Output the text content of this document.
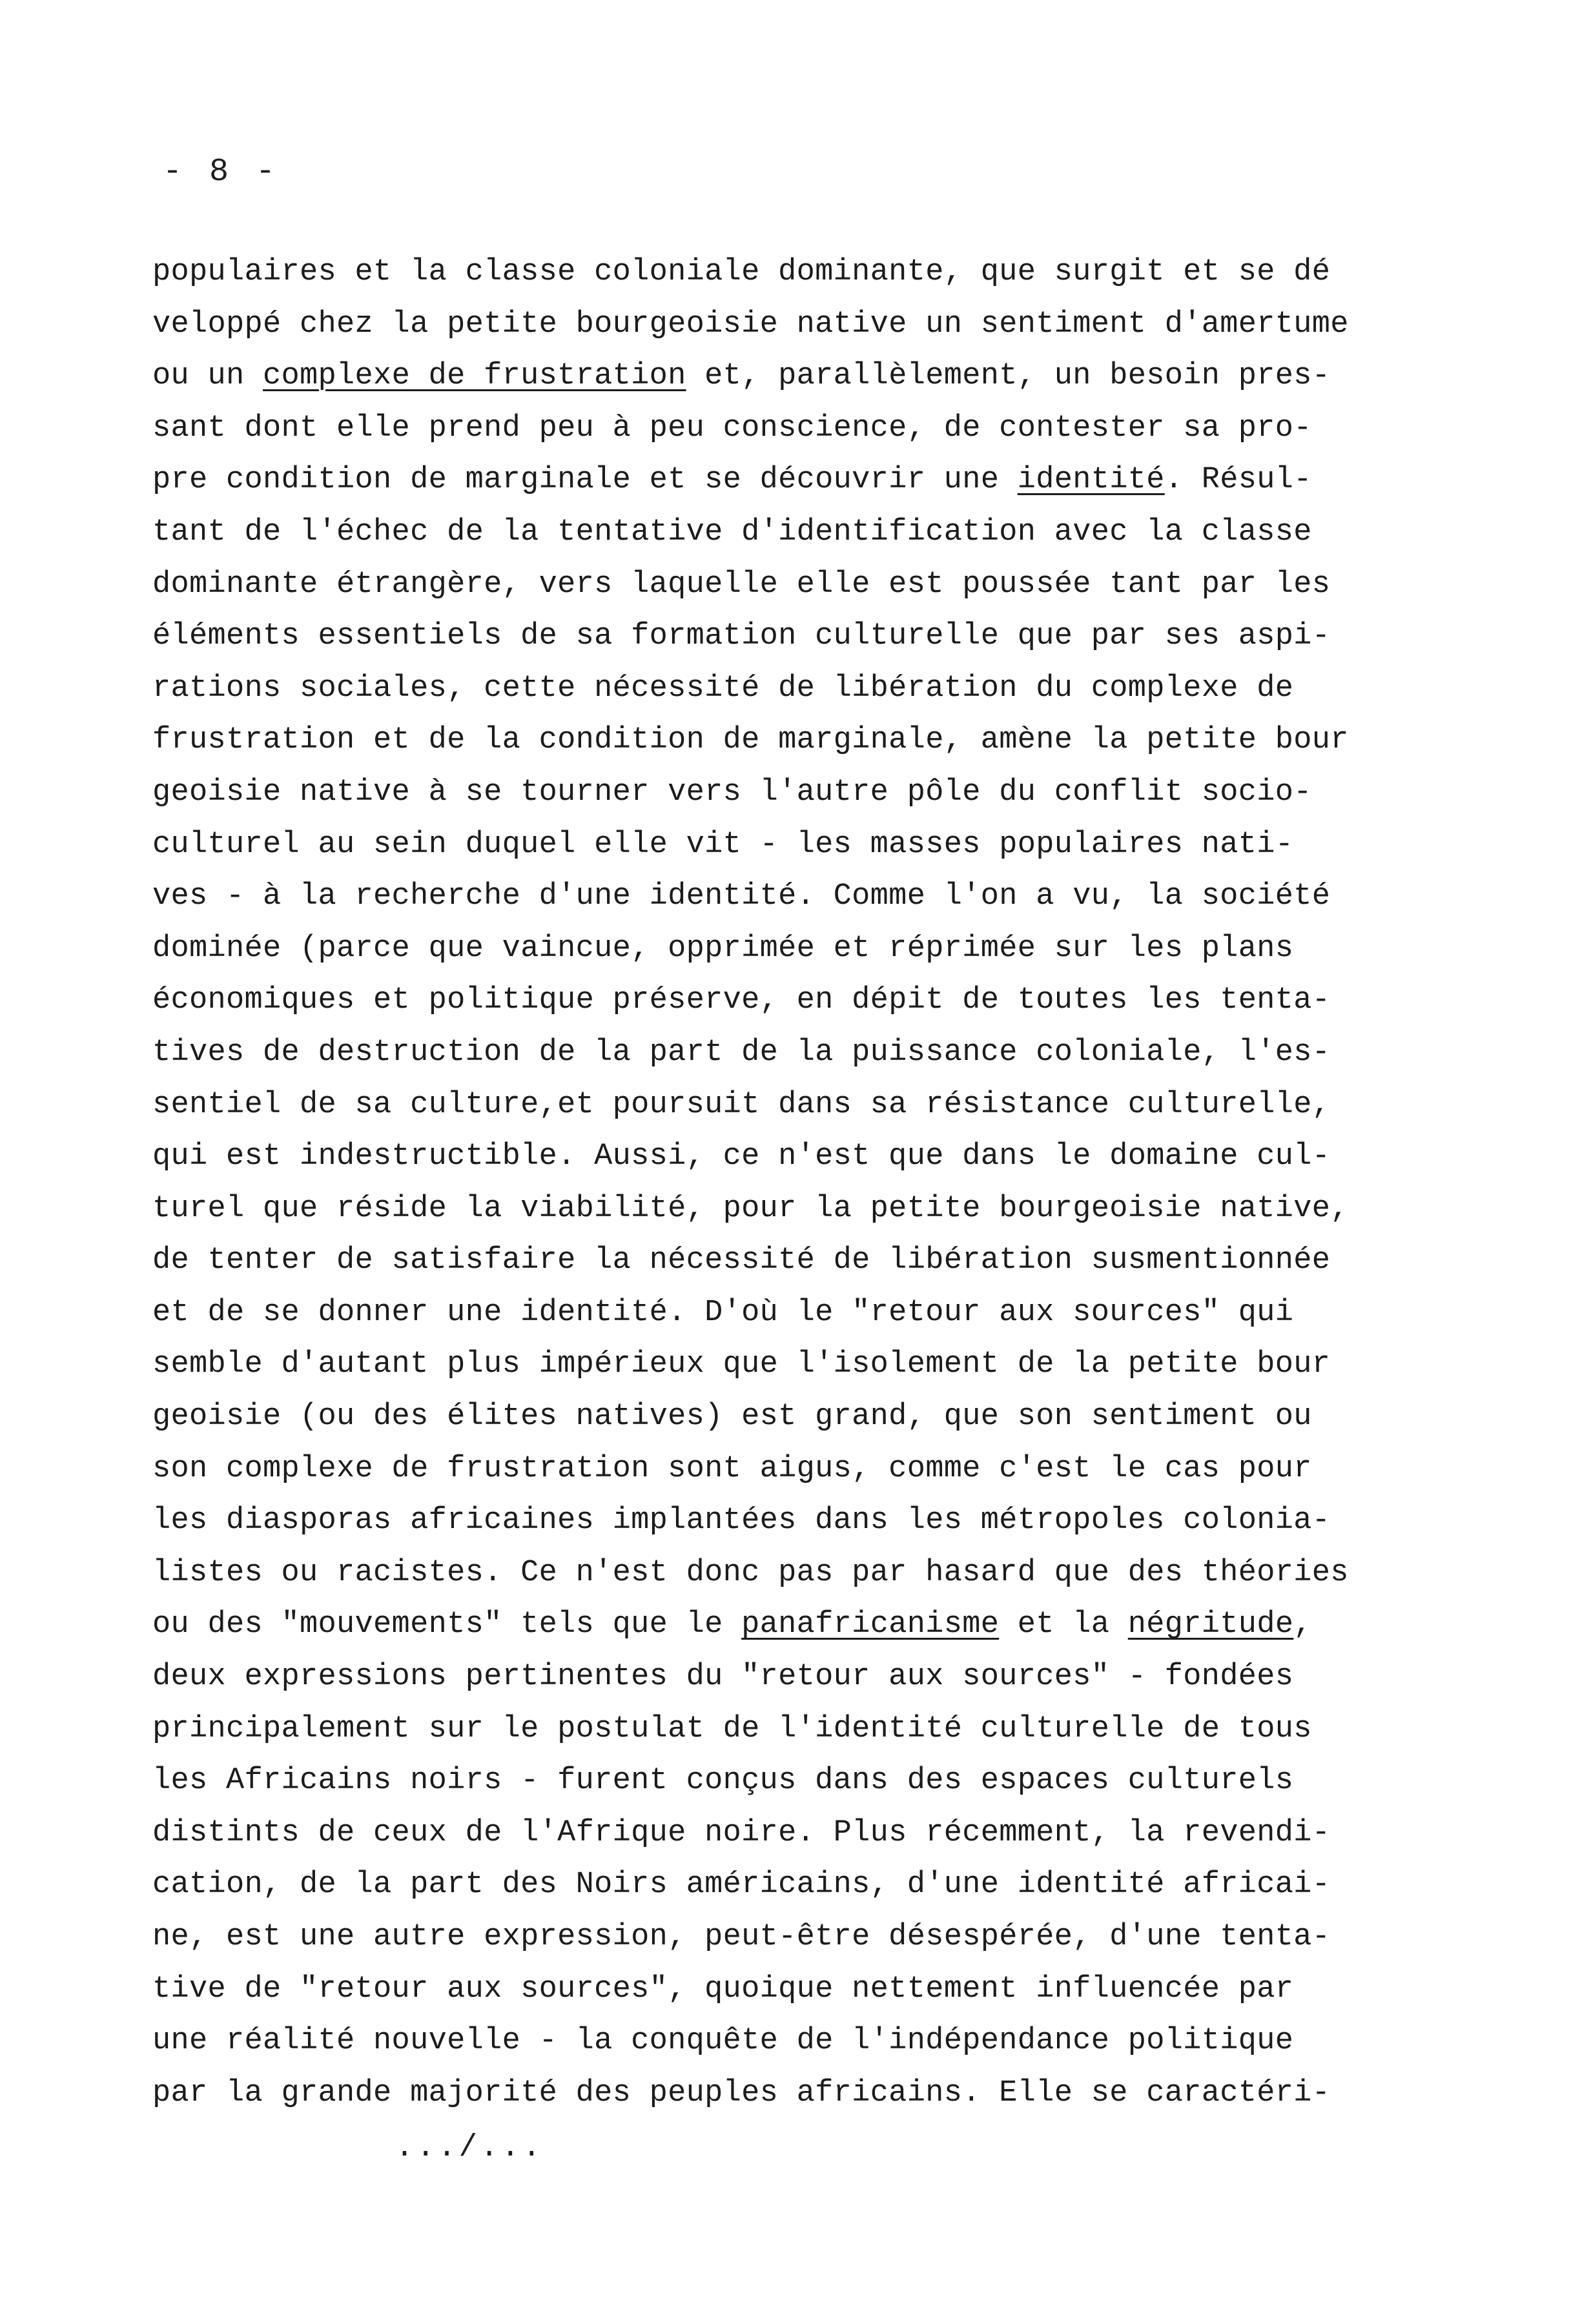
- 8 -
populaires et la classe coloniale dominante, que surgit et se dé
veloppé chez la petite bourgeoisie native un sentiment d'amertume
ou un complexe de frustration et, parallèlement, un besoin pres-
sant dont elle prend peu à peu conscience, de contester sa pro-
pre condition de marginale et se découvrir une identité. Résul-
tant de l'échec de la tentative d'identification avec la classe
dominante étrangère, vers laquelle elle est poussée tant par les
éléments essentiels de sa formation culturelle que par ses aspi-
rations sociales, cette nécessité de libération du complexe de
frustration et de la condition de marginale, amène la petite bour
geoisie native à se tourner vers l'autre pôle du conflit socio-
culturel au sein duquel elle vit - les masses populaires nati-
ves - à la recherche d'une identité. Comme l'on a vu, la société
dominée (parce que vaincue, opprimée et réprimée sur les plans
économiques et politique préserve, en dépit de toutes les tenta-
tives de destruction de la part de la puissance coloniale, l'es-
sentiel de sa culture,et poursuit dans sa résistance culturelle,
qui est indestructible. Aussi, ce n'est que dans le domaine cul-
turel que réside la viabilité, pour la petite bourgeoisie native,
de tenter de satisfaire la nécessité de libération susmentionnée
et de se donner une identité. D'où le "retour aux sources" qui
semble d'autant plus impérieux que l'isolement de la petite bour
geoisie (ou des élites natives) est grand, que son sentiment ou
son complexe de frustration sont aigus, comme c'est le cas pour
les diasporas africaines implantées dans les métropoles colonia-
listes ou racistes. Ce n'est donc pas par hasard que des théories
ou des "mouvements" tels que le panafricanisme et la négritude,
deux expressions pertinentes du "retour aux sources" - fondées
principalement sur le postulat de l'identité culturelle de tous
les Africains noirs - furent conçus dans des espaces culturels
distints de ceux de l'Afrique noire. Plus récemment, la revendi-
cation, de la part des Noirs américains, d'une identité africai-
ne, est une autre expression, peut-être désespérée, d'une tenta-
tive de "retour aux sources", quoique nettement influencée par
une réalité nouvelle - la conquête de l'indépendance politique
par la grande majorité des peuples africains. Elle se caractéri-
.../...
